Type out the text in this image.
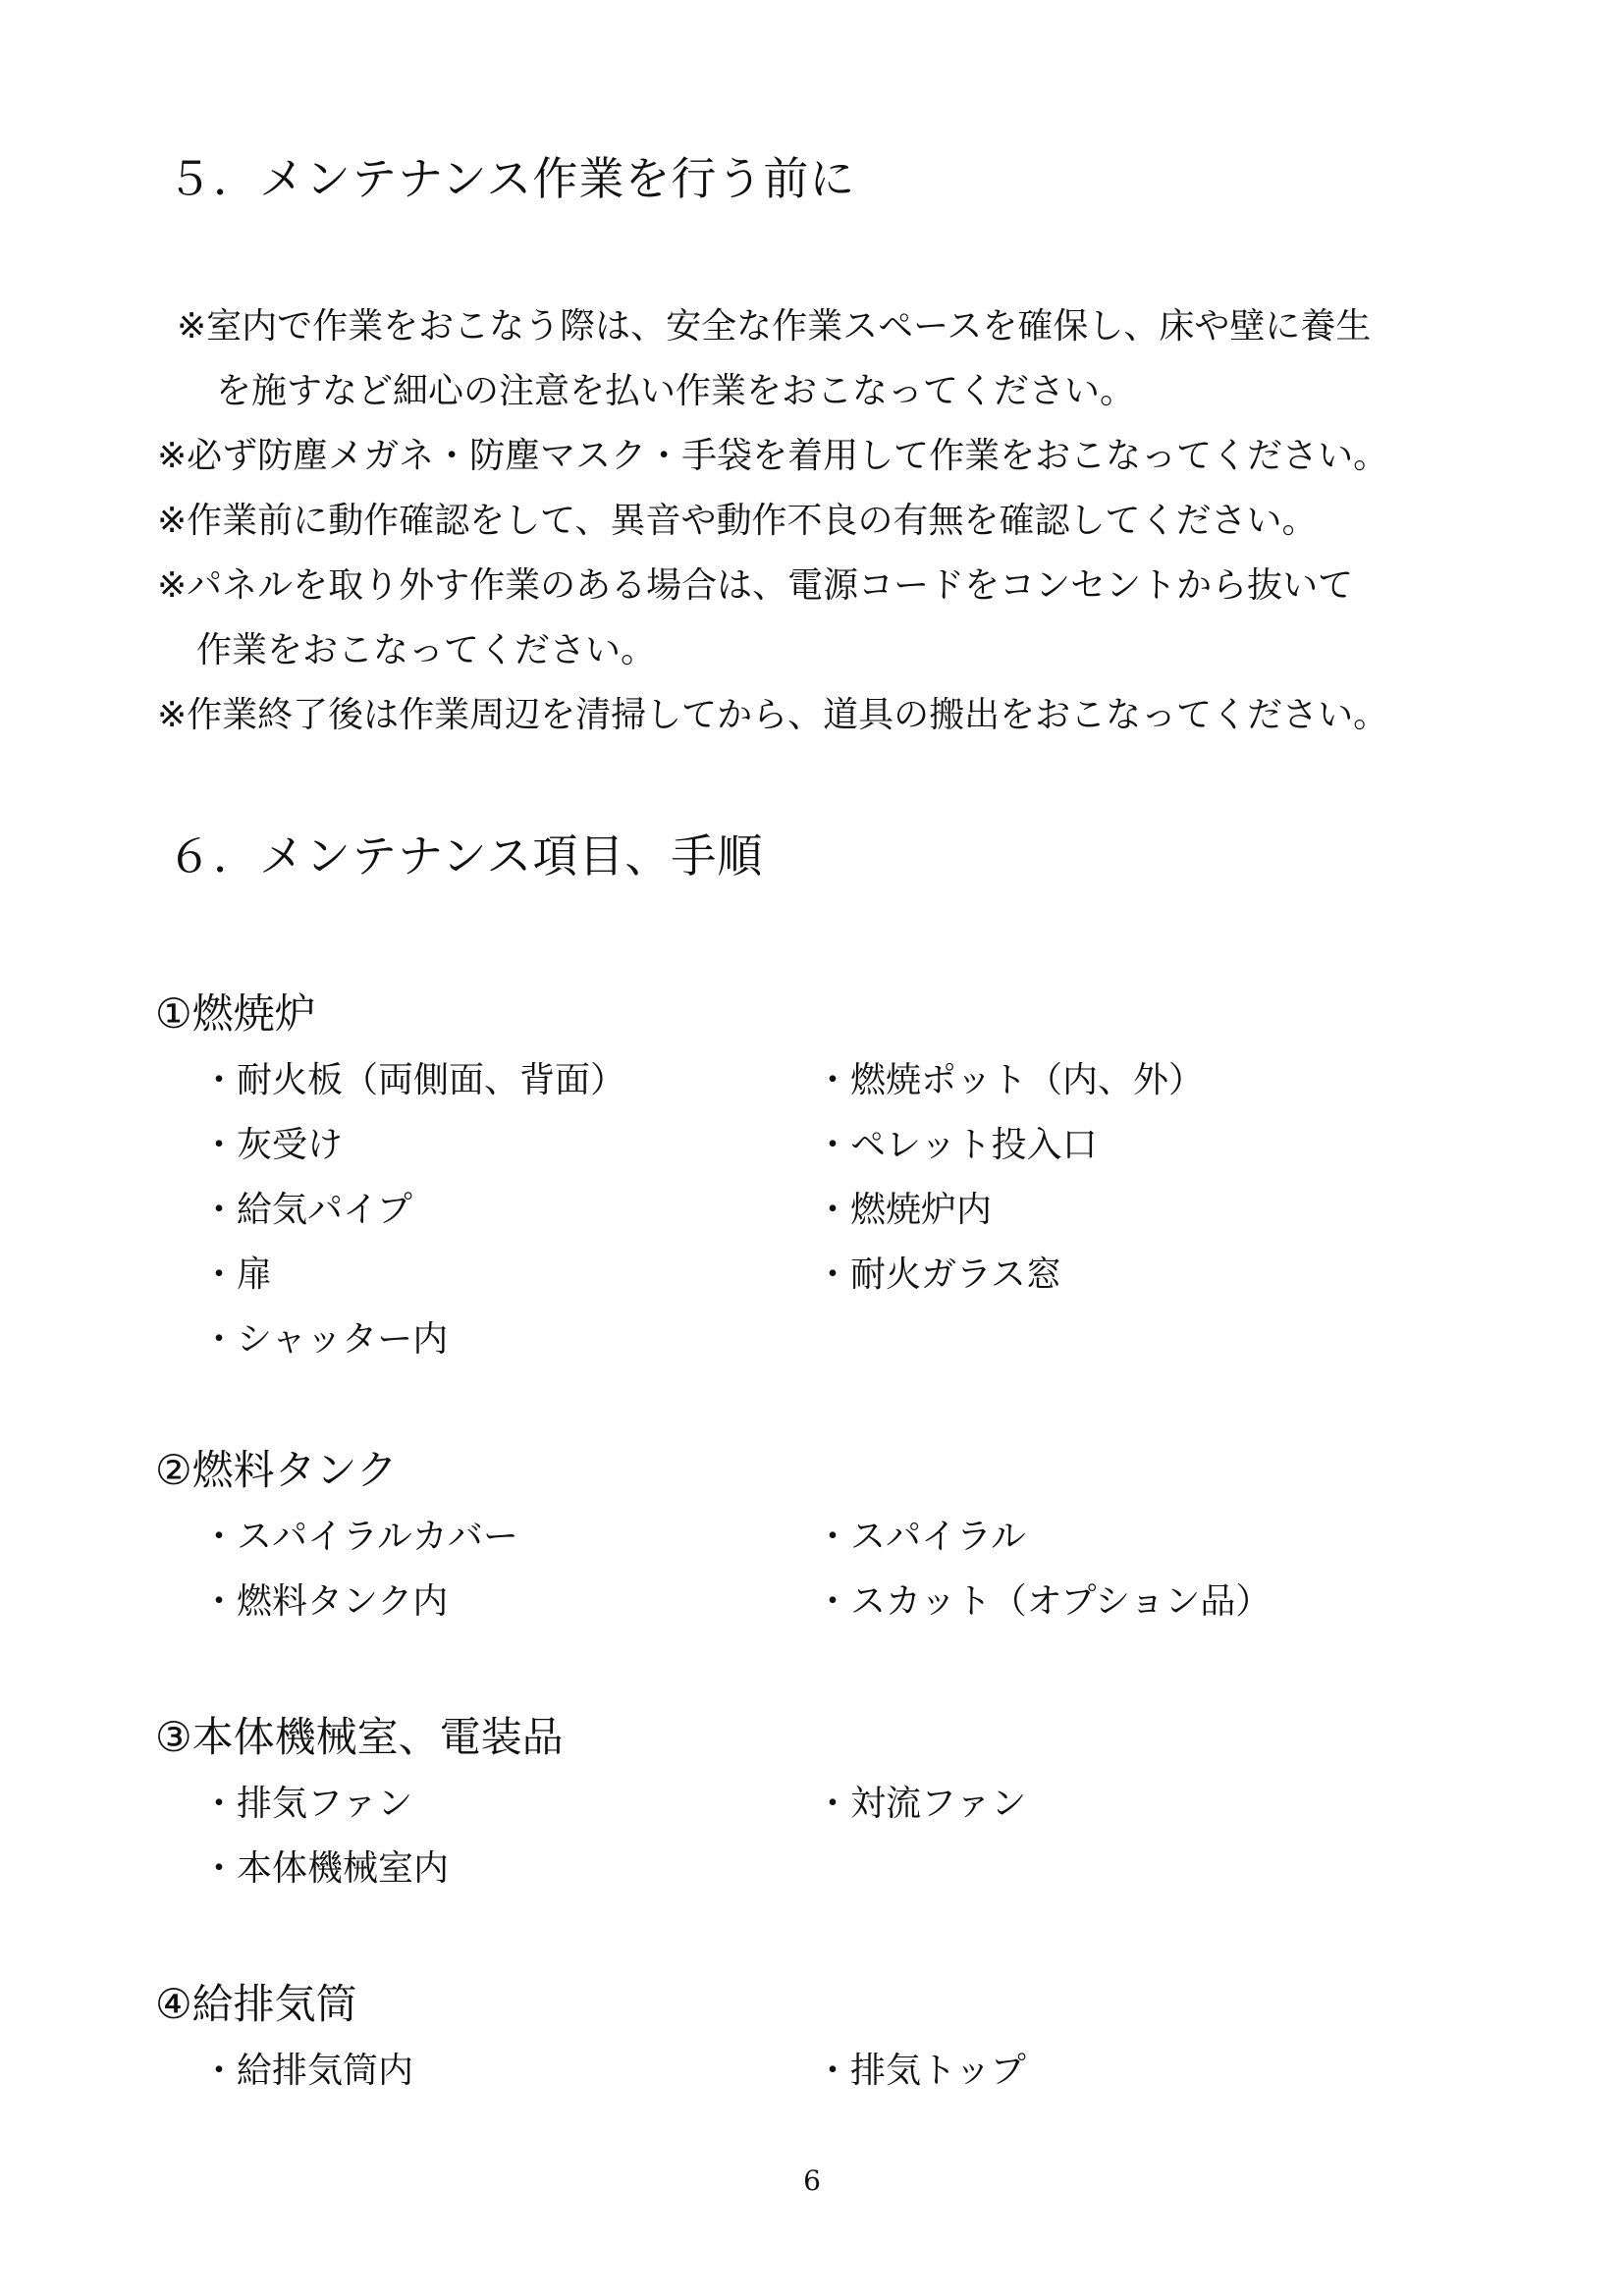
５．メンテナンス作業を行う前に
※室内で作業をおこなう際は、安全な作業スペースを確保し、床や壁に養生
を施すなど細心の注意を払い作業をおこなってください。
※必ず防塵メガネ・防塵マスク・手袋を着用して作業をおこなってください。
※作業前に動作確認をして、異音や動作不良の有無を確認してください。
※パネルを取り外す作業のある場合は、電源コードをコンセントから抜いて
作業をおこなってください。
※作業終了後は作業周辺を清掃してから、道具の搬出をおこなってください。
６．メンテナンス項目、手順
①燃焼炉
・耐火板（両側面、背面）	・燃焼ポット（内、外）
・灰受け	・ペレット投入口
・給気パイプ	・燃焼炉内
・扉	・耐火ガラス窓
・シャッター内
②燃料タンク
・スパイラルカバー	・スパイラル
・燃料タンク内	・スカット（オプション品）
③本体機械室、電装品
・排気ファン	・対流ファン
・本体機械室内
④給排気筒
・給排気筒内	・排気トップ
6
